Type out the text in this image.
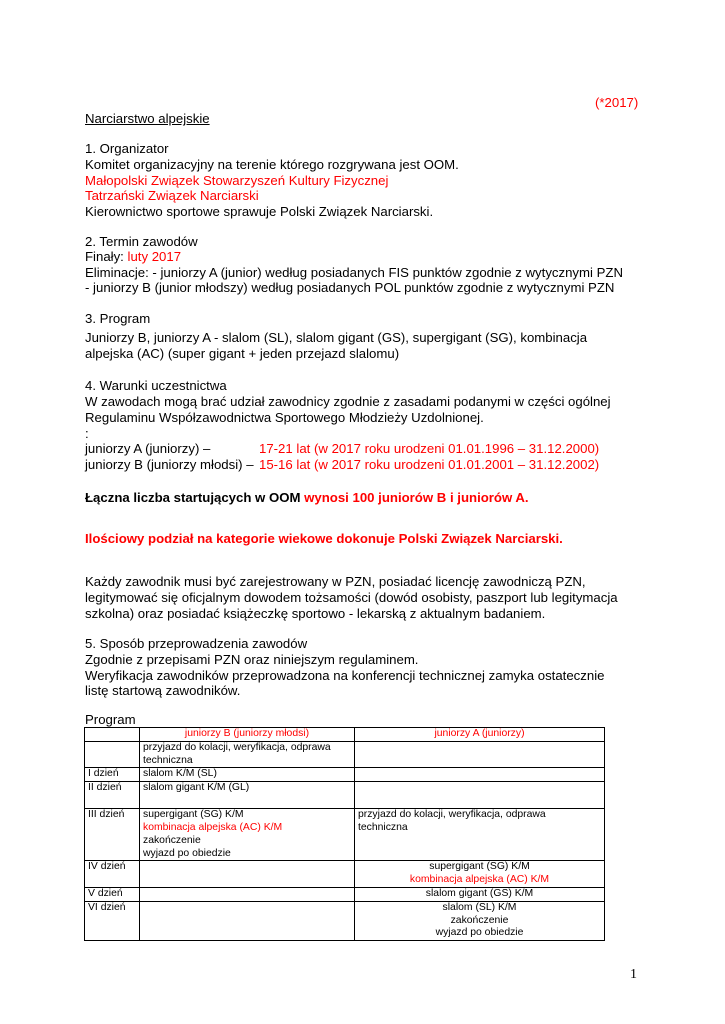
(*2017)
Narciarstwo alpejskie
1. Organizator
Komitet organizacyjny na terenie którego rozgrywana jest OOM.
Małopolski Związek Stowarzyszeń Kultury Fizycznej
Tatrzański Związek Narciarski
Kierownictwo sportowe sprawuje Polski Związek Narciarski.
2. Termin zawodów
Finały: luty 2017
Eliminacje: - juniorzy A (junior) według posiadanych FIS punktów zgodnie z wytycznymi PZN
- juniorzy B (junior młodszy) według posiadanych POL punktów zgodnie z wytycznymi PZN
3. Program
Juniorzy B, juniorzy A - slalom (SL), slalom gigant (GS), supergigant (SG), kombinacja
alpejska (AC) (super gigant + jeden przejazd slalomu)
4. Warunki uczestnictwa
W zawodach mogą brać udział zawodnicy zgodnie z zasadami podanymi w części ogólnej
Regulaminu Współzawodnictwa Sportowego Młodzieży Uzdolnionej.
:
juniorzy A (juniorzy) –	17-21 lat (w 2017 roku urodzeni 01.01.1996 – 31.12.2000)
juniorzy B (juniorzy młodsi) – 15-16 lat (w 2017 roku urodzeni 01.01.2001 – 31.12.2002)
Łączna liczba startujących w OOM wynosi 100 juniorów B i juniorów A.
Ilościowy podział na kategorie wiekowe dokonuje Polski Związek Narciarski.
Każdy zawodnik musi być zarejestrowany w PZN, posiadać licencję zawodniczą PZN,
legitymować się oficjalnym dowodem tożsamości (dowód osobisty, paszport lub legitymacja
szkolna) oraz posiadać książeczkę sportowo - lekarską z aktualnym badaniem.
5. Sposób przeprowadzenia zawodów
Zgodnie z przepisami PZN oraz niniejszym regulaminem.
Weryfikacja zawodników przeprowadzona na konferencji technicznej zamyka ostatecznie
listę startową zawodników.
Program
	juniorzy B (juniorzy młodsi)	juniorzy A (juniorzy)

	przyjazd do kolacji, weryfikacja, odprawa
techniczna	

I dzień	slalom K/M (SL)	

II dzień	slalom gigant K/M (GL)	

III dzień	supergigant (SG) K/M
kombinacja alpejska (AC) K/M
zakończenie
wyjazd po obiedzie	przyjazd do kolacji, weryfikacja, odprawa
techniczna

IV dzień		supergigant (SG) K/M
kombinacja alpejska (AC) K/M

V dzień		slalom gigant (GS) K/M

VI dzień		slalom (SL) K/M
zakończenie
wyjazd po obiedzie
1
